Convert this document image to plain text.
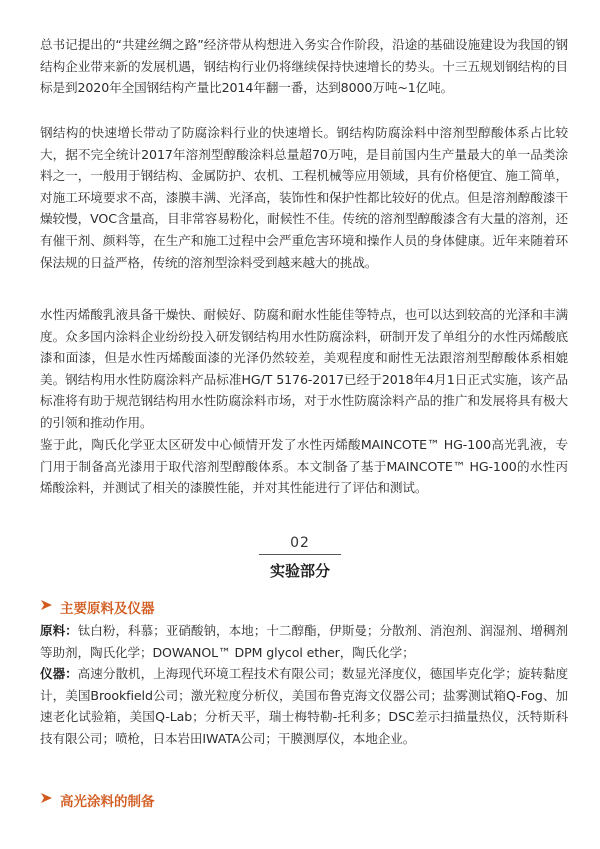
总书记提出的“共建丝绸之路”经济带从构想进入务实合作阶段，沿途的基础设施建设为我国的钢结构企业带来新的发展机遇，钢结构行业仍将继续保持快速增长的势头。十三五规划钢结构的目标是到2020年全国钢结构产量比2014年翻一番，达到8000万吨~1亿吨。

钢结构的快速增长带动了防腐涂料行业的快速增长。钢结构防腐涂料中溶剂型醇酸体系占比较大，据不完全统计2017年溶剂型醇酸涂料总量超70万吨，是目前国内生产量最大的单一品类涂料之一，一般用于钢结构、金属防护、农机、工程机械等应用领域，具有价格便宜、施工简单，对施工环境要求不高，漆膜丰满、光泽高，装饰性和保护性都比较好的优点。但是溶剂醇酸漆干燥较慢，VOC含量高，目非常容易粉化，耐候性不佳。传统的溶剂型醇酸漆含有大量的溶剂，还有催干剂、颜料等，在生产和施工过程中会严重危害环境和操作人员的身体健康。近年来随着环保法规的日益严格，传统的溶剂型涂料受到越来越大的挑战。

水性丙烯酸乳液具备干燥快、耐候好、防腐和耐水性能佳等特点，也可以达到较高的光泽和丰满度。众多国内涂料企业纷纷投入研发钢结构用水性防腐涂料，研制开发了单组分的水性丙烯酸底漆和面漆，但是水性丙烯酸面漆的光泽仍然较差，美观程度和耐性无法跟溶剂型醇酸体系相媲美。钢结构用水性防腐涂料产品标准HG/T 5176-2017已经于2018年4月1日正式实施，该产品标准将有助于规范钢结构用水性防腐涂料市场，对于水性防腐涂料产品的推广和发展将具有极大的引领和推动作用。

鉴于此，陶氏化学亚太区研发中心倾情开发了水性丙烯酸MAINCOTE™ HG-100高光乳液，专门用于制备高光漆用于取代溶剂型醇酸体系。本文制备了基于MAINCOTE™ HG-100的水性丙烯酸涂料，并测试了相关的漆膜性能，并对其性能进行了评估和测试。

02
实验部分
主要原料及仪器

原料：钛白粉，科慕；亚硝酸钠，本地；十二醇酯，伊斯曼；分散剂、消泡剂、润湿剂、增稠剂等助剂，陶氏化学；DOWANOL™ DPM glycol ether，陶氏化学；

仪器：高速分散机，上海现代环境工程技术有限公司；数显光泽度仪，德国毕克化学；旋转黏度计，美国Brookfield公司；激光粒度分析仪，美国布鲁克海文仪器公司；盐雾测试箱Q-Fog、加速老化试验箱，美国Q-Lab；分析天平，瑞士梅特勒-托利多；DSC差示扫描量热仪，沃特斯科技有限公司；喷枪，日本岩田IWATA公司；干膜测厚仪，本地企业。

高光涂料的制备
